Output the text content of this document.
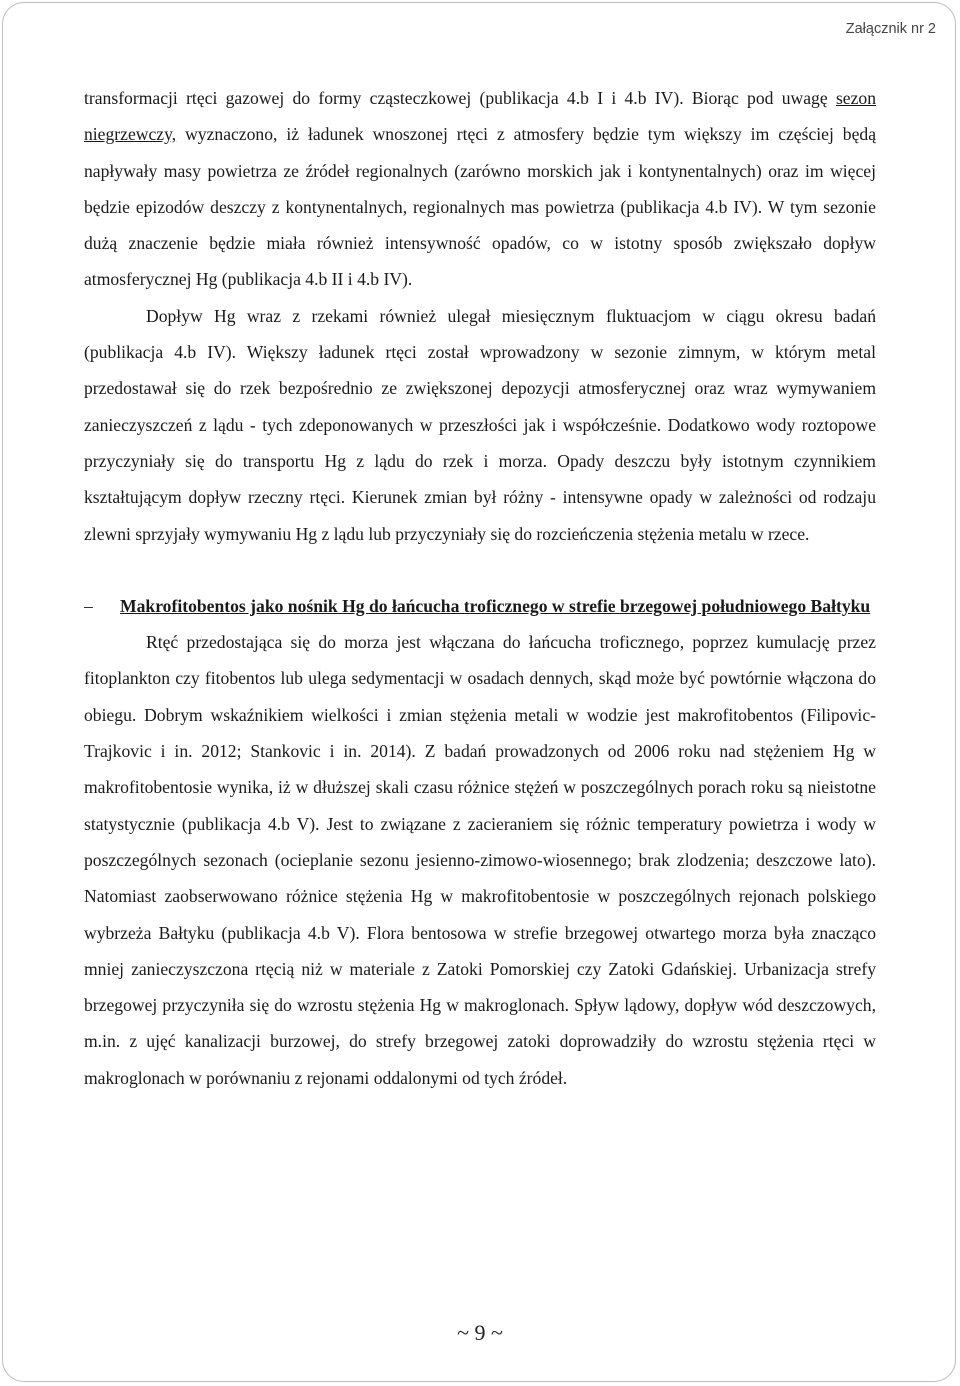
Załącznik nr 2

transformacji rtęci gazowej do formy cząsteczkowej (publikacja 4.b I i 4.b IV). Biorąc pod uwagę sezon niegrzewczy, wyznaczono, iż ładunek wnoszonej rtęci z atmosfery będzie tym większy im częściej będą napływały masy powietrza ze źródeł regionalnych (zarówno morskich jak i kontynentalnych) oraz im więcej będzie epizodów deszczy z kontynentalnych, regionalnych mas powietrza (publikacja 4.b IV). W tym sezonie dużą znaczenie będzie miała również intensywność opadów, co w istotny sposób zwiększało dopływ atmosferycznej Hg (publikacja 4.b II i 4.b IV).

Dopływ Hg wraz z rzekami również ulegał miesięcznym fluktuacjom w ciągu okresu badań (publikacja 4.b IV). Większy ładunek rtęci został wprowadzony w sezonie zimnym, w którym metal przedostawał się do rzek bezpośrednio ze zwiększonej depozycji atmosferycznej oraz wraz wymywaniem zanieczyszczeń z lądu - tych zdeponowanych w przeszłości jak i współcześnie. Dodatkowo wody roztopowe przyczyniały się do transportu Hg z lądu do rzek i morza. Opady deszczu były istotnym czynnikiem kształtującym dopływ rzeczny rtęci. Kierunek zmian był różny - intensywne opady w zależności od rodzaju zlewni sprzyjały wymywaniu Hg z lądu lub przyczyniały się do rozcieńczenia stężenia metalu w rzece.

– Makrofitobentos jako nośnik Hg do łańcucha troficznego w strefie brzegowej południowego Bałtyku

Rtęć przedostająca się do morza jest włączana do łańcucha troficznego, poprzez kumulację przez fitoplankton czy fitobentos lub ulega sedymentacji w osadach dennych, skąd może być powtórnie włączona do obiegu. Dobrym wskaźnikiem wielkości i zmian stężenia metali w wodzie jest makrofitobentos (Filipovic-Trajkovic i in. 2012; Stankovic i in. 2014). Z badań prowadzonych od 2006 roku nad stężeniem Hg w makrofitobentosie wynika, iż w dłuższej skali czasu różnice stężeń w poszczególnych porach roku są nieistotne statystycznie (publikacja 4.b V). Jest to związane z zacieraniem się różnic temperatury powietrza i wody w poszczególnych sezonach (ocieplanie sezonu jesienno-zimowo-wiosennego; brak zlodzenia; deszczowe lato). Natomiast zaobserwowano różnice stężenia Hg w makrofitobentosie w poszczególnych rejonach polskiego wybrzeża Bałtyku (publikacja 4.b V). Flora bentosowa w strefie brzegowej otwartego morza była znacząco mniej zanieczyszczona rtęcią niż w materiale z Zatoki Pomorskiej czy Zatoki Gdańskiej. Urbanizacja strefy brzegowej przyczyniła się do wzrostu stężenia Hg w makroglonach. Spływ lądowy, dopływ wód deszczowych, m.in. z ujęć kanalizacji burzowej, do strefy brzegowej zatoki doprowadziły do wzrostu stężenia rtęci w makroglonach w porównaniu z rejonami oddalonymi od tych źródeł.

~ 9 ~
